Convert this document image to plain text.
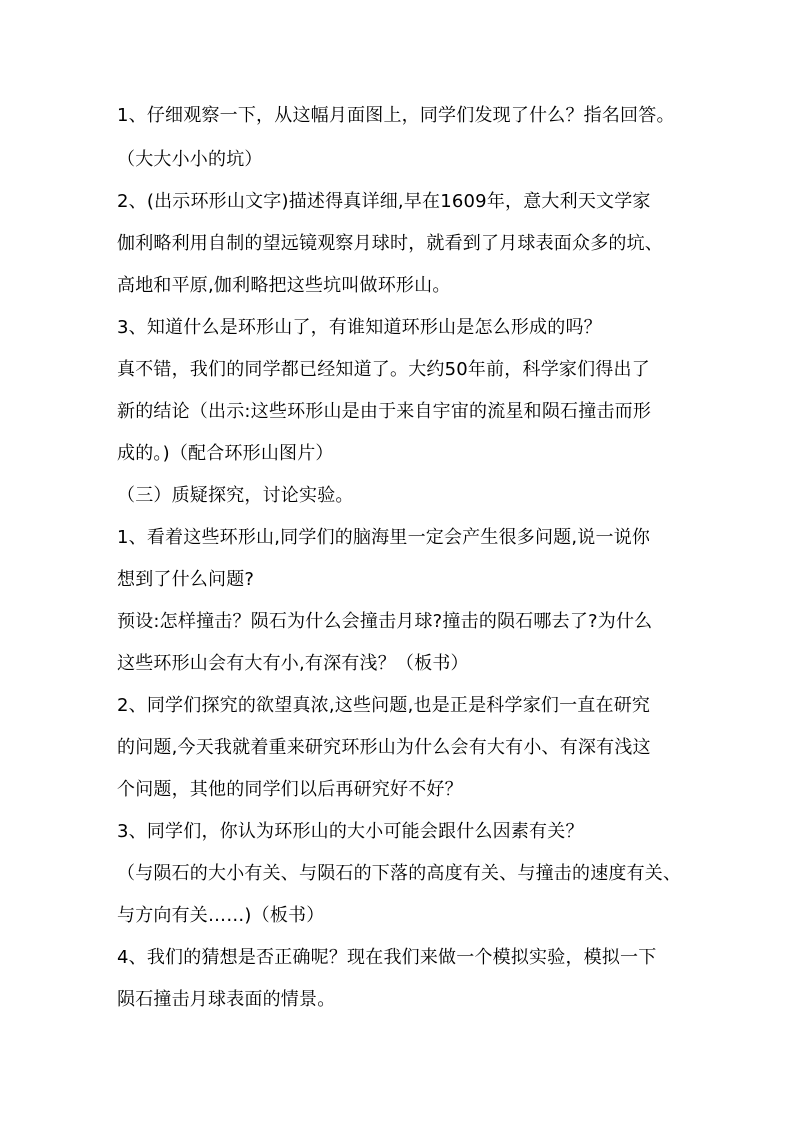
1、仔细观察一下，从这幅月面图上，同学们发现了什么？指名回答。
（大大小小的坑）
2、(出示环形山文字)描述得真详细,早在1609年，意大利天文学家
伽利略利用自制的望远镜观察月球时，就看到了月球表面众多的坑、
高地和平原,伽利略把这些坑叫做环形山。
3、知道什么是环形山了，有谁知道环形山是怎么形成的吗？
真不错，我们的同学都已经知道了。大约50年前，科学家们得出了
新的结论（出示:这些环形山是由于来自宇宙的流星和陨石撞击而形
成的。)（配合环形山图片）
（三）质疑探究，讨论实验。
1、看着这些环形山,同学们的脑海里一定会产生很多问题,说一说你
想到了什么问题?
预设:怎样撞击？陨石为什么会撞击月球?撞击的陨石哪去了?为什么
这些环形山会有大有小,有深有浅？（板书）
2、同学们探究的欲望真浓,这些问题,也是正是科学家们一直在研究
的问题,今天我就着重来研究环形山为什么会有大有小、有深有浅这
个问题，其他的同学们以后再研究好不好？
3、同学们，你认为环形山的大小可能会跟什么因素有关？
（与陨石的大小有关、与陨石的下落的高度有关、与撞击的速度有关、
与方向有关……)（板书）
4、我们的猜想是否正确呢？现在我们来做一个模拟实验，模拟一下
陨石撞击月球表面的情景。
